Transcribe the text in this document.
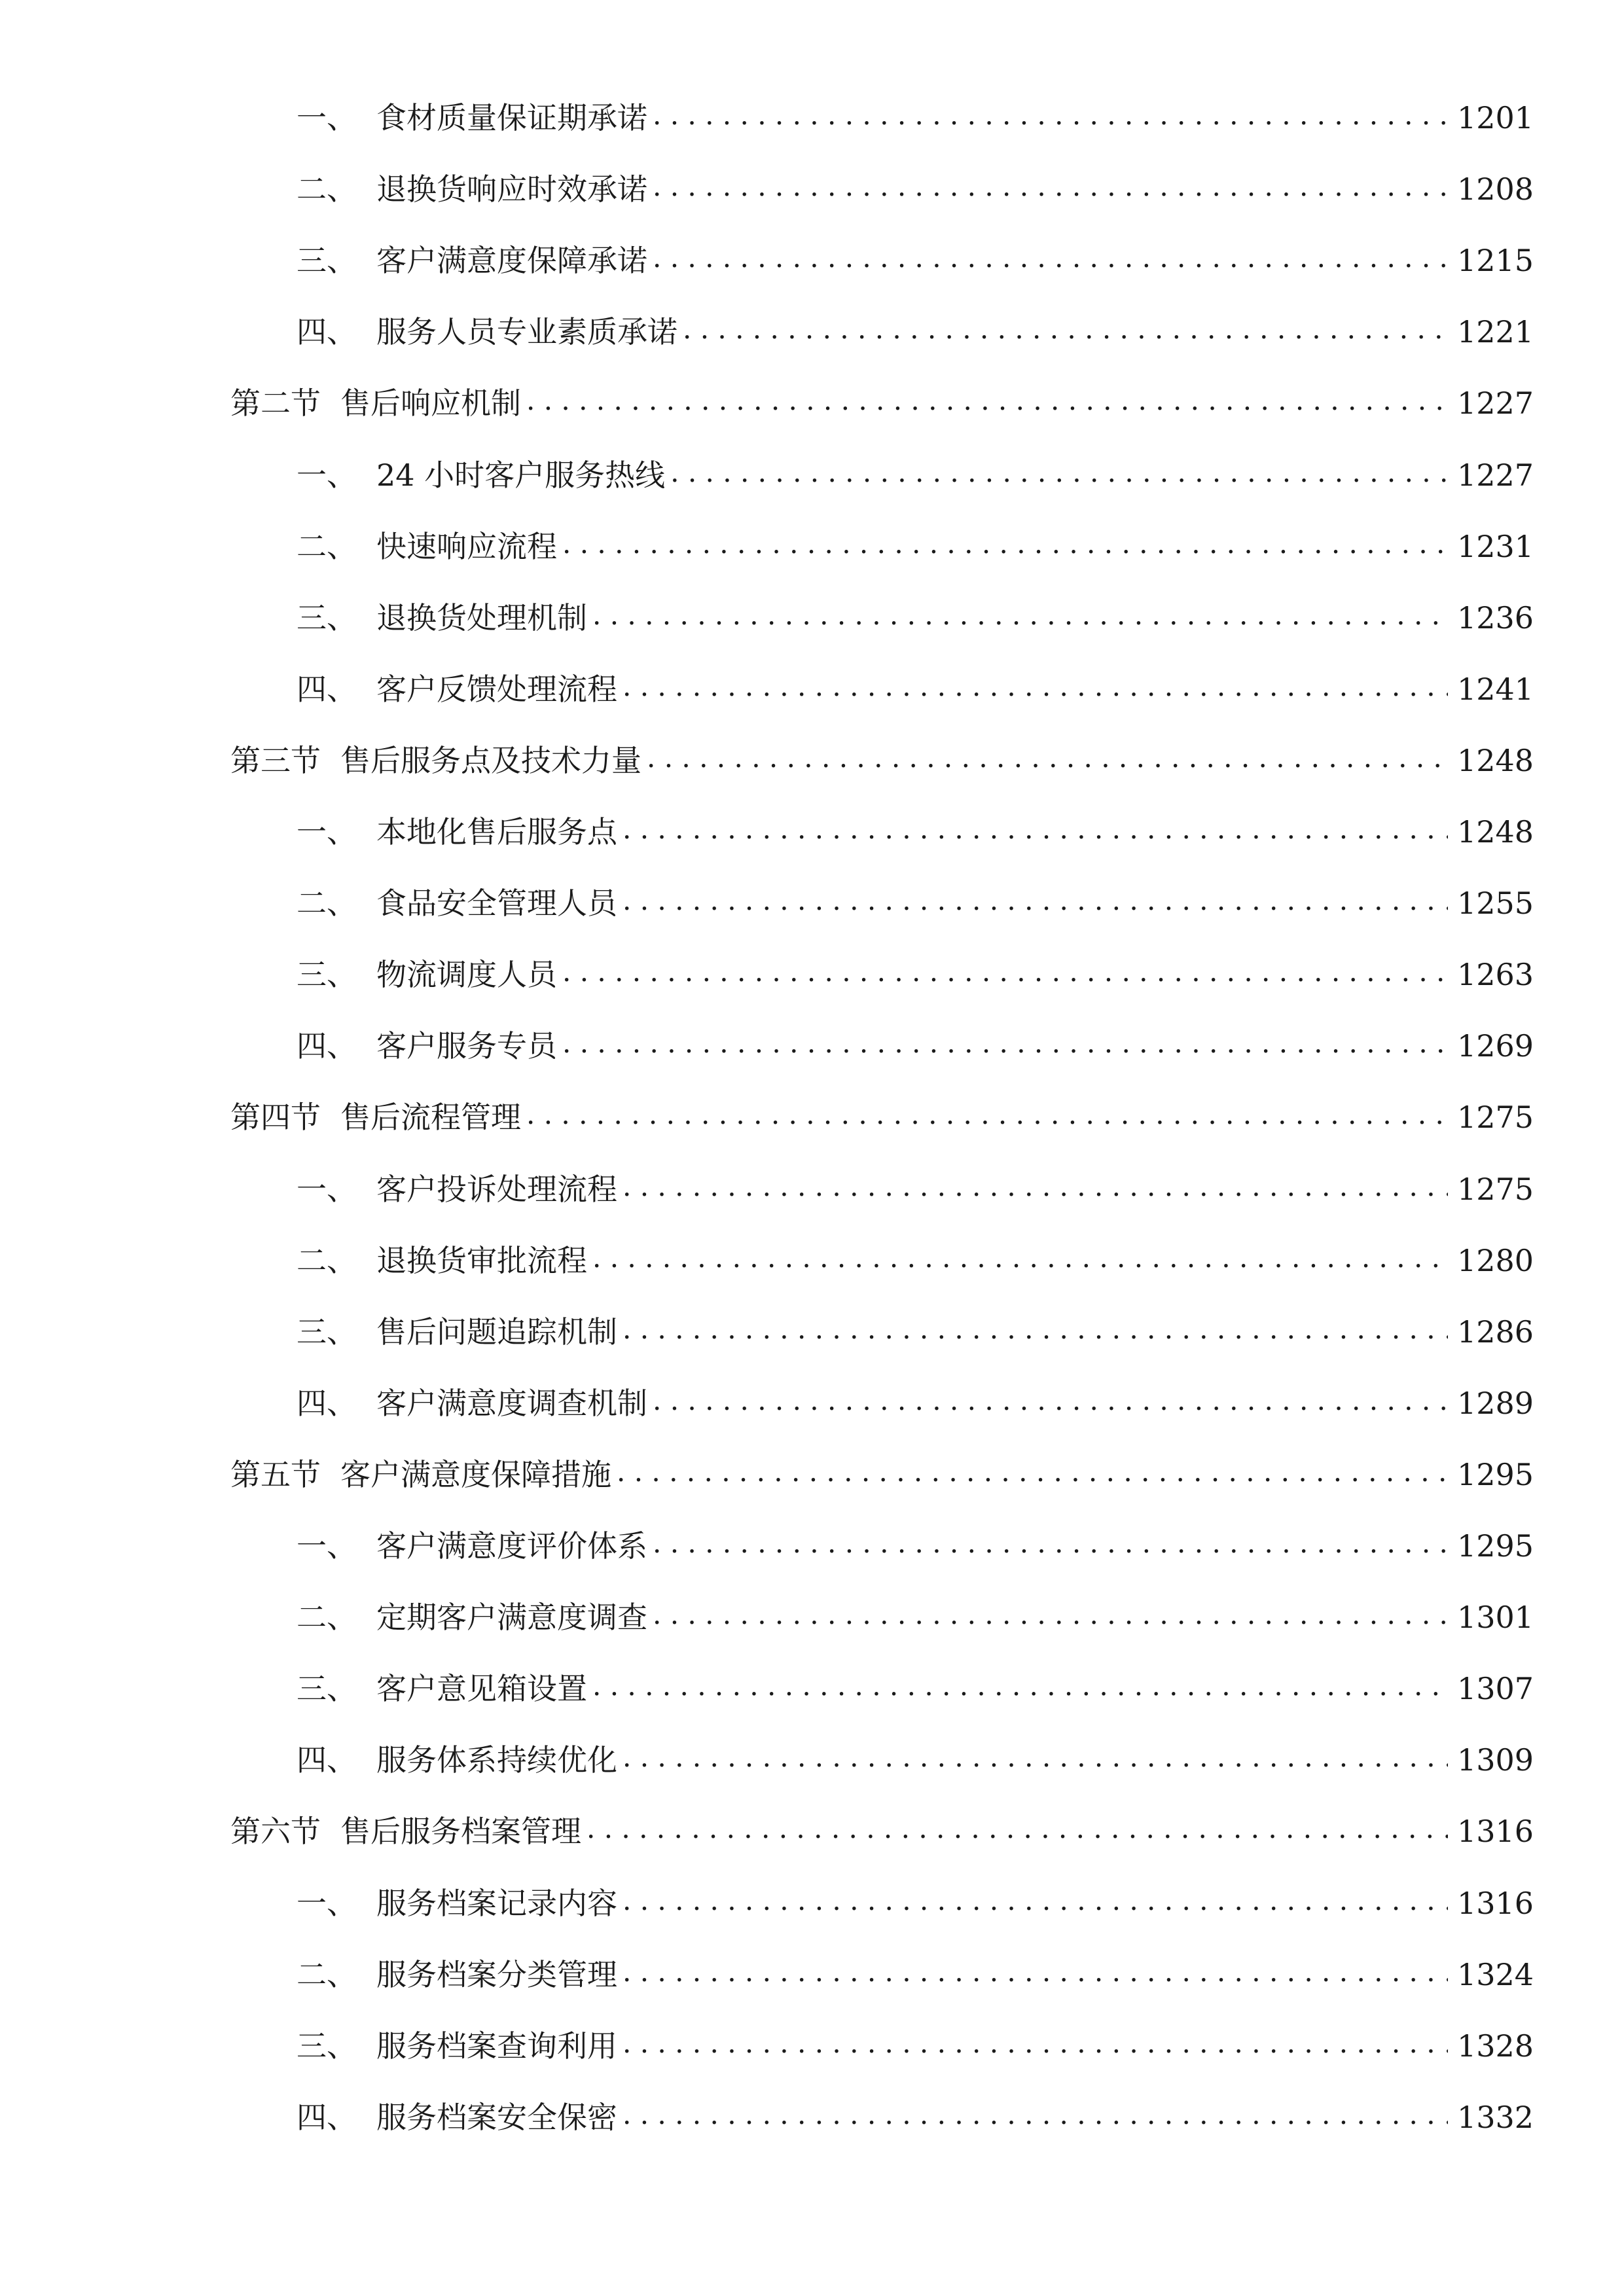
一、 食材质量保证期承诺 . . .	1201
二、 退换货响应时效承诺 . . .	1208
三、 客户满意度保障承诺 . . .	1215
四、 服务人员专业素质承诺 . . .	1221
第二节 售后响应机制 . . .	1227
一、 24 小时客户服务热线 . . .	1227
二、 快速响应流程 . . .	1231
三、 退换货处理机制 . . .	1236
四、 客户反馈处理流程 . . .	1241
第三节 售后服务点及技术力量 . . .	1248
一、 本地化售后服务点 . . .	1248
二、 食品安全管理人员 . . .	1255
三、 物流调度人员 . . .	1263
四、 客户服务专员 . . .	1269
第四节 售后流程管理 . . .	1275
一、 客户投诉处理流程 . . .	1275
二、 退换货审批流程 . . .	1280
三、 售后问题追踪机制 . . .	1286
四、 客户满意度调查机制 . . .	1289
第五节 客户满意度保障措施 . . .	1295
一、 客户满意度评价体系 . . .	1295
二、 定期客户满意度调查 . . .	1301
三、 客户意见箱设置 . . .	1307
四、 服务体系持续优化 . . .	1309
第六节 售后服务档案管理 . . .	1316
一、 服务档案记录内容 . . .	1316
二、 服务档案分类管理 . . .	1324
三、 服务档案查询利用 . . .	1328
四、 服务档案安全保密 . . .	1332
